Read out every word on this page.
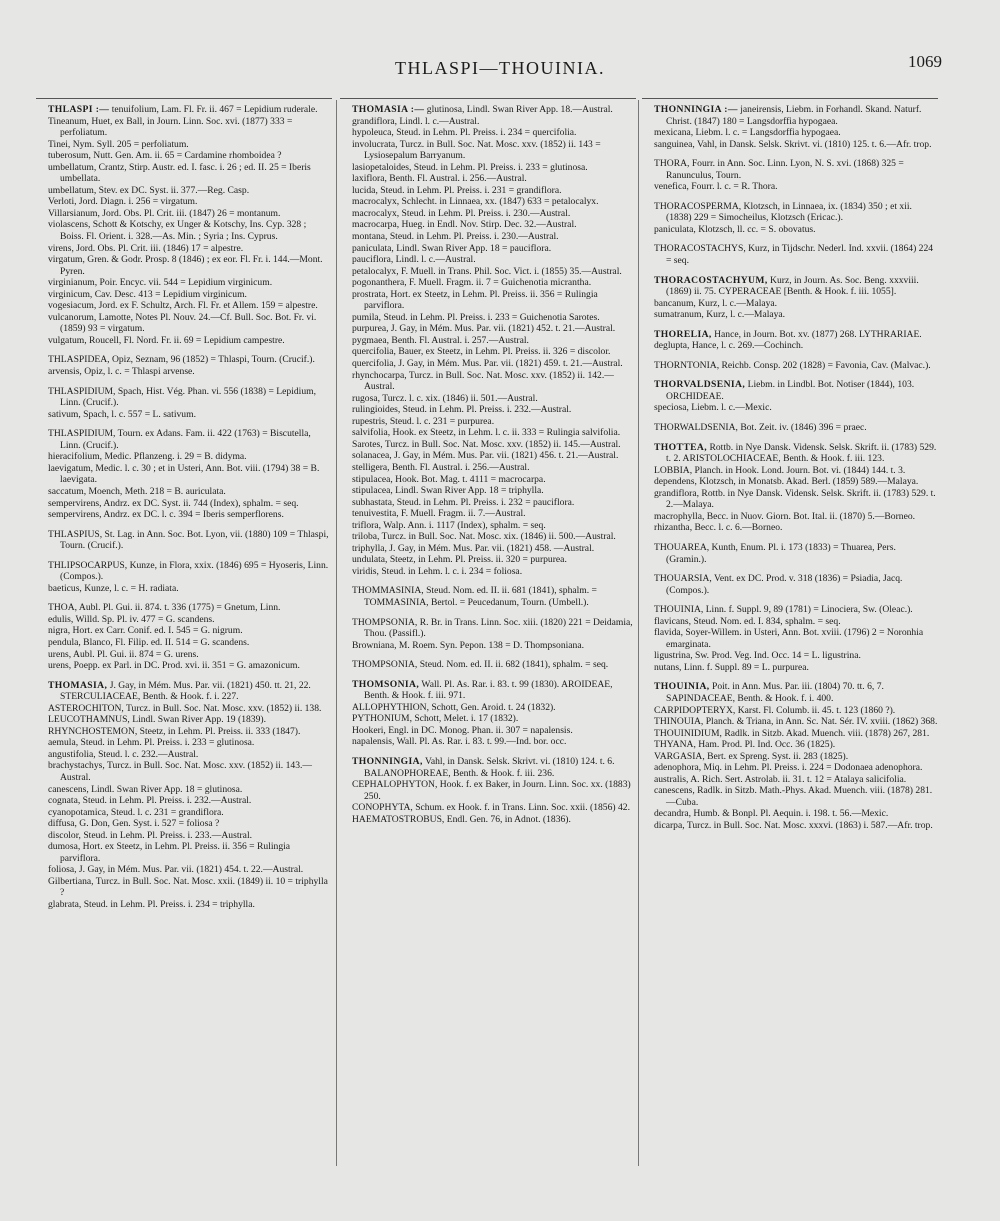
THLASPI—THOUINIA.	1069
THLASPI :— tenuifolium, Lam. Fl. Fr. ii. 467 = Lepidium ruderale.
Tineanum, Huet, ex Ball, in Journ. Linn. Soc. xvi. (1877) 333 = perfoliatum.
Tinei, Nym. Syll. 205 = perfoliatum.
tuberosum, Nutt. Gen. Am. ii. 65 = Cardamine rhomboidea ?
umbellatum, Crantz, Stirp. Austr. ed. I. fasc. i. 26 ; ed. II. 25 = Iberis umbellata.
umbellatum, Stev. ex DC. Syst. ii. 377.—Reg. Casp.
Verloti, Jord. Diagn. i. 256 = virgatum.
Villarsianum, Jord. Obs. Pl. Crit. iii. (1847) 26 = montanum.
violascens, Schott & Kotschy, ex Unger & Kotschy, Ins. Cyp. 328 ; Boiss. Fl. Orient. i. 328.—As. Min. ; Syria ; Ins. Cyprus.
virens, Jord. Obs. Pl. Crit. iii. (1846) 17 = alpestre.
virgatum, Gren. & Godr. Prosp. 8 (1846) ; ex eor. Fl. Fr. i. 144.—Mont. Pyren.
virginianum, Poir. Encyc. vii. 544 = Lepidium virginicum.
virginicum, Cav. Desc. 413 = Lepidium virginicum.
vogesiacum, Jord. ex F. Schultz, Arch. Fl. Fr. et Allem. 159 = alpestre.
vulcanorum, Lamotte, Notes Pl. Nouv. 24.—Cf. Bull. Soc. Bot. Fr. vi. (1859) 93 = virgatum.
vulgatum, Roucell, Fl. Nord. Fr. ii. 69 = Lepidium campestre.
THLASPIDEA, Opiz, Seznam, 96 (1852) = Thlaspi, Tourn. (Crucif.).
arvensis, Opiz, l. c. = Thlaspi arvense.
THLASPIDIUM, Spach, Hist. Vég. Phan. vi. 556 (1838) = Lepidium, Linn. (Crucif.).
sativum, Spach, l. c. 557 = L. sativum.
THLASPIDIUM, Tourn. ex Adans. Fam. ii. 422 (1763) = Biscutella, Linn. (Crucif.).
hieracifolium, Medic. Pflanzeng. i. 29 = B. didyma.
laevigatum, Medic. l. c. 30 ; et in Usteri, Ann. Bot. viii. (1794) 38 = B. laevigata.
saccatum, Moench, Meth. 218 = B. auriculata.
sempervirens, Andrz. ex DC. Syst. ii. 744 (Index), sphalm. = seq.
sempervirens, Andrz. ex DC. l. c. 394 = Iberis semperflorens.
THLASPIUS, St. Lag. in Ann. Soc. Bot. Lyon, vii. (1880) 109 = Thlaspi, Tourn. (Crucif.).
THLIPSOCARPUS, Kunze, in Flora, xxix. (1846) 695 = Hyoseris, Linn. (Compos.).
baeticus, Kunze, l. c. = H. radiata.
THOA, Aubl. Pl. Gui. ii. 874. t. 336 (1775) = Gnetum, Linn.
edulis, Willd. Sp. Pl. iv. 477 = G. scandens.
nigra, Hort. ex Carr. Conif. ed. I. 545 = G. nigrum.
pendula, Blanco, Fl. Filip. ed. II. 514 = G. scandens.
urens, Aubl. Pl. Gui. ii. 874 = G. urens.
urens, Poepp. ex Parl. in DC. Prod. xvi. ii. 351 = G. amazonicum.
THOMASIA, J. Gay, in Mém. Mus. Par. vii. (1821) 450. tt. 21, 22. STERCULIACEAE, Benth. & Hook. f. i. 227.
ASTEROCHITON, Turcz. in Bull. Soc. Nat. Mosc. xxv. (1852) ii. 138.
LEUCOTHAMNUS, Lindl. Swan River App. 19 (1839).
RHYNCHOSTEMON, Steetz, in Lehm. Pl. Preiss. ii. 333 (1847).
aemula, Steud. in Lehm. Pl. Preiss. i. 233 = glutinosa.
angustifolia, Steud. l. c. 232.—Austral.
brachystachys, Turcz. in Bull. Soc. Nat. Mosc. xxv. (1852) ii. 143.—Austral.
canescens, Lindl. Swan River App. 18 = glutinosa.
cognata, Steud. in Lehm. Pl. Preiss. i. 232.—Austral.
cyanopotamica, Steud. l. c. 231 = grandiflora.
diffusa, G. Don, Gen. Syst. i. 527 = foliosa ?
discolor, Steud. in Lehm. Pl. Preiss. i. 233.—Austral.
dumosa, Hort. ex Steetz, in Lehm. Pl. Preiss. ii. 356 = Rulingia parviflora.
foliosa, J. Gay, in Mém. Mus. Par. vii. (1821) 454. t. 22.—Austral.
Gilbertiana, Turcz. in Bull. Soc. Nat. Mosc. xxii. (1849) ii. 10 = triphylla ?
glabrata, Steud. in Lehm. Pl. Preiss. i. 234 = triphylla.
THOMASIA :— glutinosa, Lindl. Swan River App. 18.—Austral.
grandiflora, Lindl. l. c.—Austral.
hypoleuca, Steud. in Lehm. Pl. Preiss. i. 234 = quercifolia.
involucrata, Turcz. in Bull. Soc. Nat. Mosc. xxv. (1852) ii. 143 = Lysiosepalum Barryanum.
lasiopetaloides, Steud. in Lehm. Pl. Preiss. i. 233 = glutinosa.
laxiflora, Benth. Fl. Austral. i. 256.—Austral.
lucida, Steud. in Lehm. Pl. Preiss. i. 231 = grandiflora.
macrocalyx, Schlecht. in Linnaea, xx. (1847) 633 = petalocalyx.
macrocalyx, Steud. in Lehm. Pl. Preiss. i. 230.—Austral.
macrocarpa, Hueg. in Endl. Nov. Stirp. Dec. 32.—Austral.
montana, Steud. in Lehm. Pl. Preiss. i. 230.—Austral.
paniculata, Lindl. Swan River App. 18 = pauciflora.
pauciflora, Lindl. l. c.—Austral.
petalocalyx, F. Muell. in Trans. Phil. Soc. Vict. i. (1855) 35.—Austral.
pogonanthera, F. Muell. Fragm. ii. 7 = Guichenotia micrantha.
prostrata, Hort. ex Steetz, in Lehm. Pl. Preiss. ii. 356 = Rulingia parviflora.
pumila, Steud. in Lehm. Pl. Preiss. i. 233 = Guichenotia Sarotes.
purpurea, J. Gay, in Mém. Mus. Par. vii. (1821) 452. t. 21.—Austral.
pygmaea, Benth. Fl. Austral. i. 257.—Austral.
quercifolia, Bauer, ex Steetz, in Lehm. Pl. Preiss. ii. 326 = discolor.
quercifolia, J. Gay, in Mém. Mus. Par. vii. (1821) 459. t. 21.—Austral.
rhynchocarpa, Turcz. in Bull. Soc. Nat. Mosc. xxv. (1852) ii. 142.—Austral.
rugosa, Turcz. l. c. xix. (1846) ii. 501.—Austral.
rulingioides, Steud. in Lehm. Pl. Preiss. i. 232.—Austral.
rupestris, Steud. l. c. 231 = purpurea.
salvifolia, Hook. ex Steetz, in Lehm. l. c. ii. 333 = Rulingia salvifolia.
Sarotes, Turcz. in Bull. Soc. Nat. Mosc. xxv. (1852) ii. 145.—Austral.
solanacea, J. Gay, in Mém. Mus. Par. vii. (1821) 456. t. 21.—Austral.
stelligera, Benth. Fl. Austral. i. 256.—Austral.
stipulacea, Hook. Bot. Mag. t. 4111 = macrocarpa.
stipulacea, Lindl. Swan River App. 18 = triphylla.
subhastata, Steud. in Lehm. Pl. Preiss. i. 232 = pauciflora.
tenuivestita, F. Muell. Fragm. ii. 7.—Austral.
triflora, Walp. Ann. i. 1117 (Index), sphalm. = seq.
triloba, Turcz. in Bull. Soc. Nat. Mosc. xix. (1846) ii. 500.—Austral.
triphylla, J. Gay, in Mém. Mus. Par. vii. (1821) 458. —Austral.
undulata, Steetz, in Lehm. Pl. Preiss. ii. 320 = purpurea.
viridis, Steud. in Lehm. l. c. i. 234 = foliosa.
THOMMASINIA, Steud. Nom. ed. II. ii. 681 (1841), sphalm. = TOMMASINIA, Bertol. = Peucedanum, Tourn. (Umbell.).
THOMPSONIA, R. Br. in Trans. Linn. Soc. xiii. (1820) 221 = Deidamia, Thou. (Passifl.).
Browniana, M. Roem. Syn. Pepon. 138 = D. Thompsoniana.
THOMPSONIA, Steud. Nom. ed. II. ii. 682 (1841), sphalm. = seq.
THOMSONIA, Wall. Pl. As. Rar. i. 83. t. 99 (1830). AROIDEAE, Benth. & Hook. f. iii. 971.
ALLOPHYTHION, Schott, Gen. Aroid. t. 24 (1832).
PYTHONIUM, Schott, Melet. i. 17 (1832).
Hookeri, Engl. in DC. Monog. Phan. ii. 307 = napalensis.
napalensis, Wall. Pl. As. Rar. i. 83. t. 99.—Ind. bor. occ.
THONNINGIA, Vahl, in Dansk. Selsk. Skrivt. vi. (1810) 124. t. 6. BALANOPHOREAE, Benth. & Hook. f. iii. 236.
CEPHALOPHYTON, Hook. f. ex Baker, in Journ. Linn. Soc. xx. (1883) 250.
CONOPHYTA, Schum. ex Hook. f. in Trans. Linn. Soc. xxii. (1856) 42.
HAEMATOSTROBUS, Endl. Gen. 76, in Adnot. (1836).
THONNINGIA :— janeirensis, Liebm. in Forhandl. Skand. Naturf. Christ. (1847) 180 = Langsdorffia hypogaea.
mexicana, Liebm. l. c. = Langsdorffia hypogaea.
sanguinea, Vahl, in Dansk. Selsk. Skrivt. vi. (1810) 125. t. 6.—Afr. trop.
THORA, Fourr. in Ann. Soc. Linn. Lyon, N. S. xvi. (1868) 325 = Ranunculus, Tourn.
venefica, Fourr. l. c. = R. Thora.
THORACOSPERMA, Klotzsch, in Linnaea, ix. (1834) 350 ; et xii. (1838) 229 = Simocheilus, Klotzsch (Ericac.).
paniculata, Klotzsch, ll. cc. = S. obovatus.
THORACOSTACHYS, Kurz, in Tijdschr. Nederl. Ind. xxvii. (1864) 224 = seq.
THORACOSTACHYUM, Kurz, in Journ. As. Soc. Beng. xxxviii. (1869) ii. 75. CYPERACEAE [Benth. & Hook. f. iii. 1055].
bancanum, Kurz, l. c.—Malaya.
sumatranum, Kurz, l. c.—Malaya.
THORELIA, Hance, in Journ. Bot. xv. (1877) 268. LYTHRARIAE.
deglupta, Hance, l. c. 269.—Cochinch.
THORNTONIA, Reichb. Consp. 202 (1828) = Favonia, Cav. (Malvac.).
THORVALDSENIA, Liebm. in Lindbl. Bot. Notiser (1844), 103. ORCHIDEAE.
speciosa, Liebm. l. c.—Mexic.
THORWALDSENIA, Bot. Zeit. iv. (1846) 396 = praec.
THOTTEA, Rottb. in Nye Dansk. Vidensk. Selsk. Skrift. ii. (1783) 529. t. 2. ARISTOLOCHIACEAE, Benth. & Hook. f. iii. 123.
LOBBIA, Planch. in Hook. Lond. Journ. Bot. vi. (1844) 144. t. 3.
dependens, Klotzsch, in Monatsb. Akad. Berl. (1859) 589.—Malaya.
grandiflora, Rottb. in Nye Dansk. Vidensk. Selsk. Skrift. ii. (1783) 529. t. 2.—Malaya.
macrophylla, Becc. in Nuov. Giorn. Bot. Ital. ii. (1870) 5.—Borneo.
rhizantha, Becc. l. c. 6.—Borneo.
THOUAREA, Kunth, Enum. Pl. i. 173 (1833) = Thuarea, Pers. (Gramin.).
THOUARSIA, Vent. ex DC. Prod. v. 318 (1836) = Psiadia, Jacq. (Compos.).
THOUINIA, Linn. f. Suppl. 9, 89 (1781) = Linociera, Sw. (Oleac.).
flavicans, Steud. Nom. ed. I. 834, sphalm. = seq.
flavida, Soyer-Willem. in Usteri, Ann. Bot. xviii. (1796) 2 = Noronhia emarginata.
ligustrina, Sw. Prod. Veg. Ind. Occ. 14 = L. ligustrina.
nutans, Linn. f. Suppl. 89 = L. purpurea.
THOUINIA, Poit. in Ann. Mus. Par. iii. (1804) 70. tt. 6, 7. SAPINDACEAE, Benth. & Hook. f. i. 400.
CARPIDOPTERYX, Karst. Fl. Columb. ii. 45. t. 123 (1860 ?).
THINOUIA, Planch. & Triana, in Ann. Sc. Nat. Sér. IV. xviii. (1862) 368.
THOUINIDIUM, Radlk. in Sitzb. Akad. Muench. viii. (1878) 267, 281.
THYANA, Ham. Prod. Pl. Ind. Occ. 36 (1825).
VARGASIA, Bert. ex Spreng. Syst. ii. 283 (1825).
adenophora, Miq. in Lehm. Pl. Preiss. i. 224 = Dodonaea adenophora.
australis, A. Rich. Sert. Astrolab. ii. 31. t. 12 = Atalaya salicifolia.
canescens, Radlk. in Sitzb. Math.-Phys. Akad. Muench. viii. (1878) 281.—Cuba.
decandra, Humb. & Bonpl. Pl. Aequin. i. 198. t. 56.—Mexic.
dicarpa, Turcz. in Bull. Soc. Nat. Mosc. xxxvi. (1863) i. 587.—Afr. trop.
